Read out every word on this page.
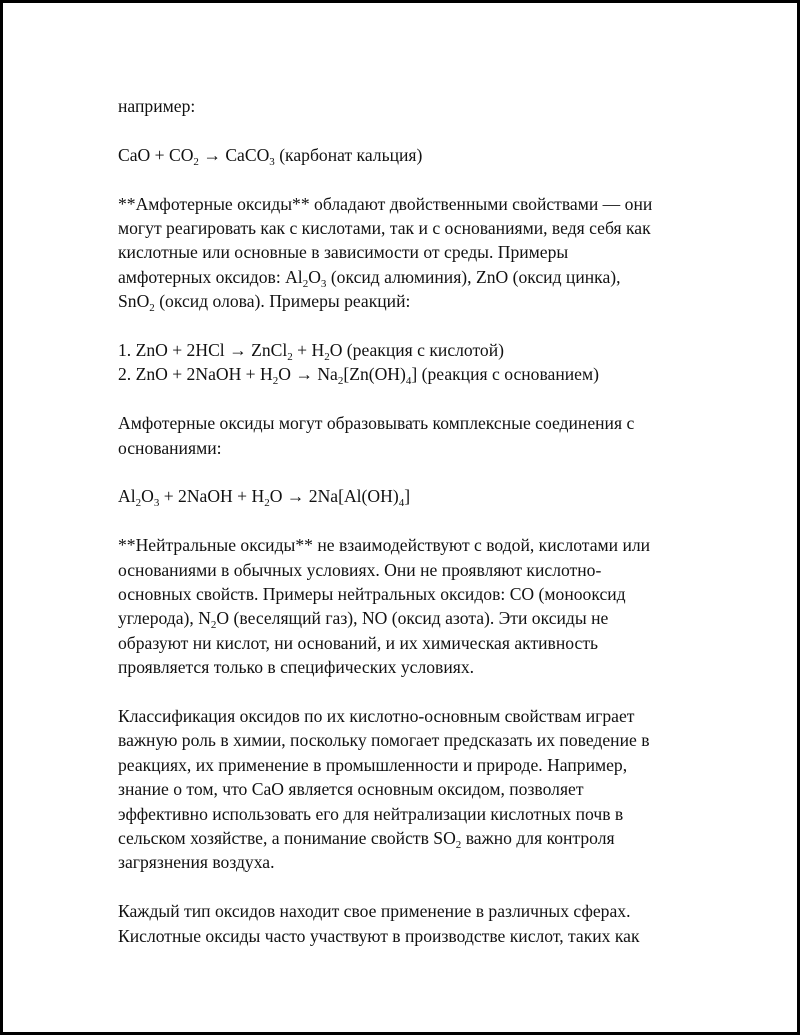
например:

CaO + $CO_2$ → CaCO$_3$ (карбонат кальция)

**Амфотерные оксиды** обладают двойственными свойствами — они
могут реагировать как с кислотами, так и с основаниями, ведя себя как
кислотные или основные в зависимости от среды. Примеры
амфотерных оксидов: $Al_2O_3$ (оксид алюминия), ZnO (оксид цинка),
SnO$_2$ (оксид олова). Примеры реакций:

1. ZnO + 2HCl → ZnCl$_2$ + $H_2O$ (реакция с кислотой)
2. ZnO + 2NaOH + $H_2O \to Na_2[Zn(OH)_4]$ (реакция с основанием)

Амфотерные оксиды могут образовывать комплексные соединения с
основаниями:

$Al_2O_3$ + 2NaOH + $H_2O \to 2Na[Al(OH)_4]$

**Нейтральные оксиды** не взаимодействуют с водой, кислотами или
основаниями в обычных условиях. Они не проявляют кислотно-
основных свойств. Примеры нейтральных оксидов: CO (монооксид
углерода), $N_2O$ (веселящий газ), NO (оксид азота). Эти оксиды не
образуют ни кислот, ни оснований, и их химическая активность
проявляется только в специфических условиях.

Классификация оксидов по их кислотно-основным свойствам играет
важную роль в химии, поскольку помогает предсказать их поведение в
реакциях, их применение в промышленности и природе. Например,
знание о том, что CaO является основным оксидом, позволяет
эффективно использовать его для нейтрализации кислотных почв в
сельском хозяйстве, а понимание свойств $SO_2$ важно для контроля
загрязнения воздуха.

Каждый тип оксидов находит свое применение в различных сферах.
Кислотные оксиды часто участвуют в производстве кислот, таких как
